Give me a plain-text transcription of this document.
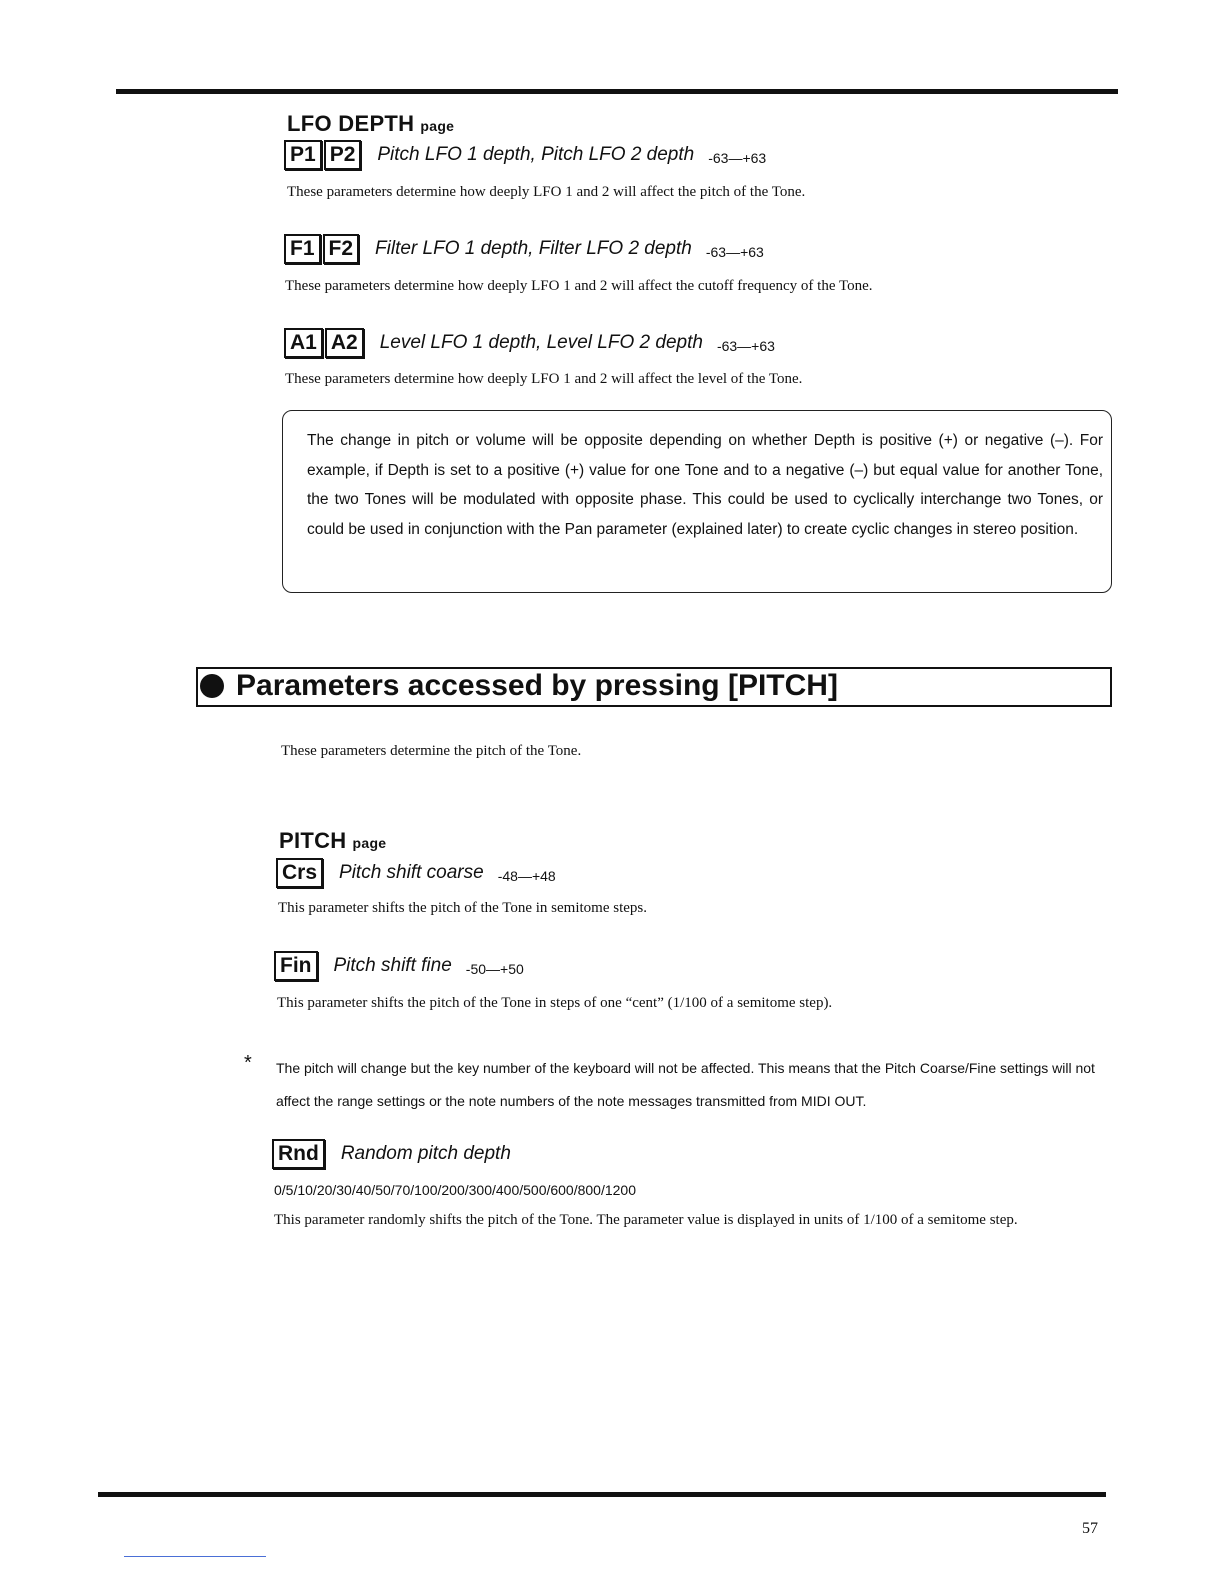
LFO DEPTH page
P1 P2	Pitch LFO 1 depth, Pitch LFO 2 depth -63—+63
These parameters determine how deeply LFO 1 and 2 will affect the pitch of the Tone.
F1 F2	Filter LFO 1 depth, Filter LFO 2 depth -63—+63
These parameters determine how deeply LFO 1 and 2 will affect the cutoff frequency of the Tone.
A1 A2	Level LFO 1 depth, Level LFO 2 depth -63—+63
These parameters determine how deeply LFO 1 and 2 will affect the level of the Tone.
The change in pitch or volume will be opposite depending on whether Depth is positive (+) or negative (–). For example, if Depth is set to a positive (+) value for one Tone and to a negative (–) but equal value for another Tone, the two Tones will be modulated with opposite phase. This could be used to cyclically interchange two Tones, or could be used in conjunction with the Pan parameter (explained later) to create cyclic changes in stereo position.
Parameters accessed by pressing [PITCH]
These parameters determine the pitch of the Tone.
PITCH page
Crs	Pitch shift coarse -48—+48
This parameter shifts the pitch of the Tone in semitome steps.
Fin	Pitch shift fine -50—+50
This parameter shifts the pitch of the Tone in steps of one “cent” (1/100 of a semitome step).
* The pitch will change but the key number of the keyboard will not be affected. This means that the Pitch Coarse/Fine settings will not affect the range settings or the note numbers of the note messages transmitted from MIDI OUT.
Rnd	Random pitch depth
0/5/10/20/30/40/50/70/100/200/300/400/500/600/800/1200
This parameter randomly shifts the pitch of the Tone. The parameter value is displayed in units of 1/100 of a semitome step.
57
